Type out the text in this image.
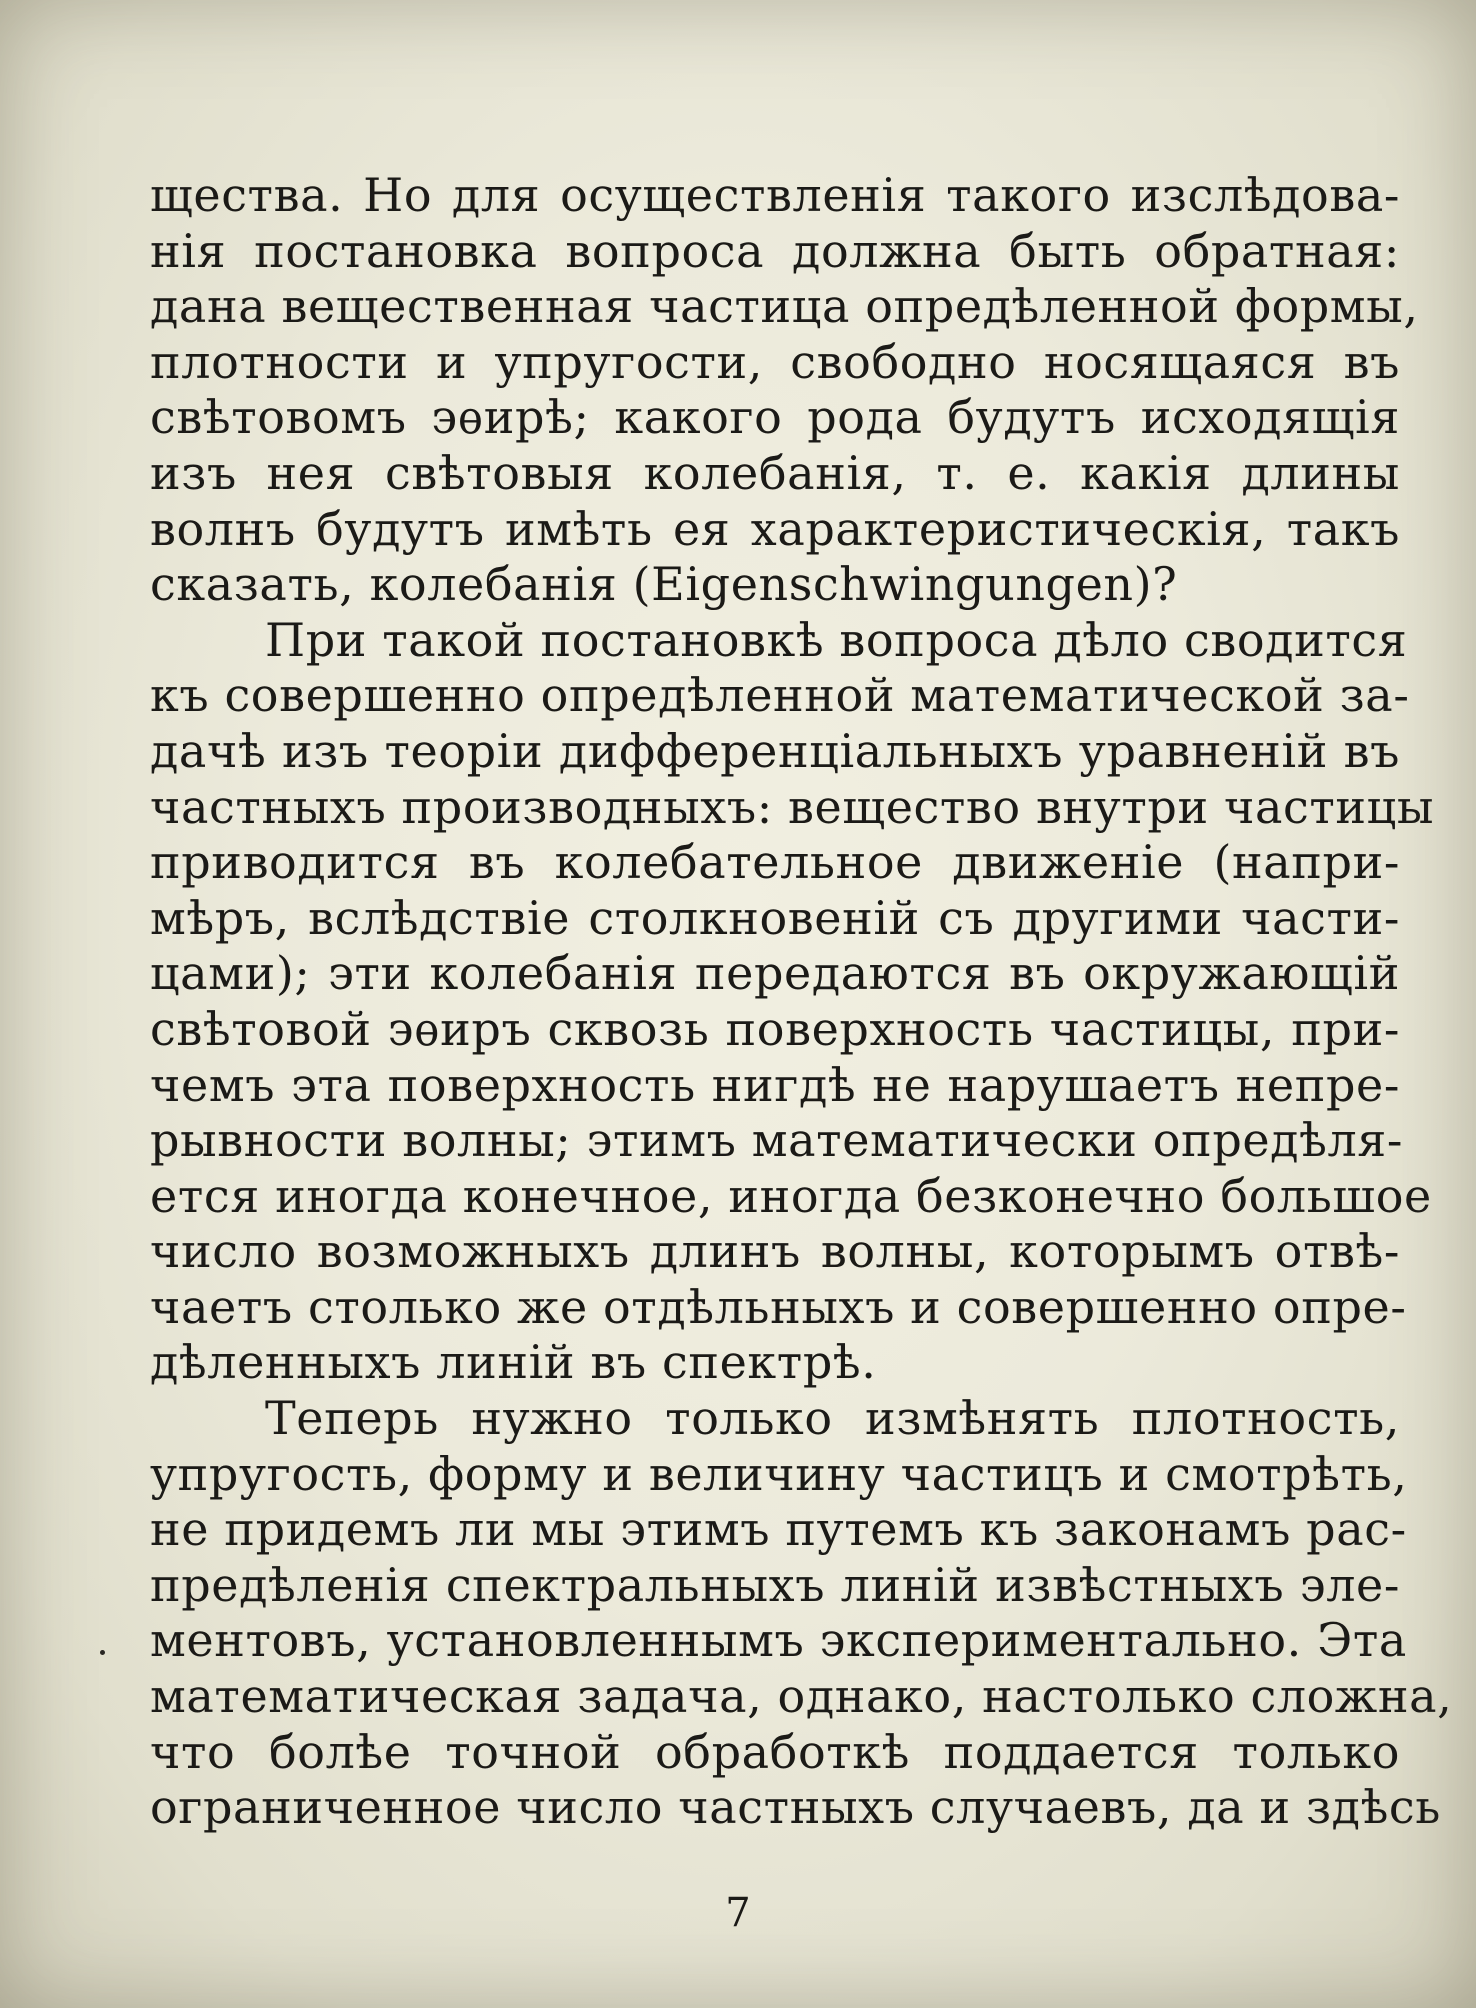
щества. Но для осуществленія такого изслѣдова-
нія постановка вопроса должна быть обратная:
дана вещественная частица опредѣленной формы,
плотности и упругости, свободно носящаяся въ
свѣтовомъ эѳирѣ; какого рода будутъ исходящія
изъ нея свѣтовыя колебанія, т. е. какія длины
волнъ будутъ имѣть ея характеристическія, такъ
сказать, колебанія (Eigenschwingungen)?
При такой постановкѣ вопроса дѣло сводится
къ совершенно опредѣленной математической за-
дачѣ изъ теоріи дифференціальныхъ уравненій въ
частныхъ производныхъ: вещество внутри частицы
приводится въ колебательное движеніе (напри-
мѣръ, вслѣдствіе столкновеній съ другими части-
цами); эти колебанія передаются въ окружающій
свѣтовой эѳиръ сквозь поверхность частицы, при-
чемъ эта поверхность нигдѣ не нарушаетъ непре-
рывности волны; этимъ математически опредѣля-
ется иногда конечное, иногда безконечно большое
число возможныхъ длинъ волны, которымъ отвѣ-
чаетъ столько же отдѣльныхъ и совершенно опре-
дѣленныхъ линій въ спектрѣ.
Теперь нужно только измѣнять плотность,
упругость, форму и величину частицъ и смотрѣть,
не придемъ ли мы этимъ путемъ къ законамъ рас-
предѣленія спектральныхъ линій извѣстныхъ эле-
ментовъ, установленнымъ экспериментально. Эта
математическая задача, однако, настолько сложна,
что болѣе точной обработкѣ поддается только
ограниченное число частныхъ случаевъ, да и здѣсь
7
